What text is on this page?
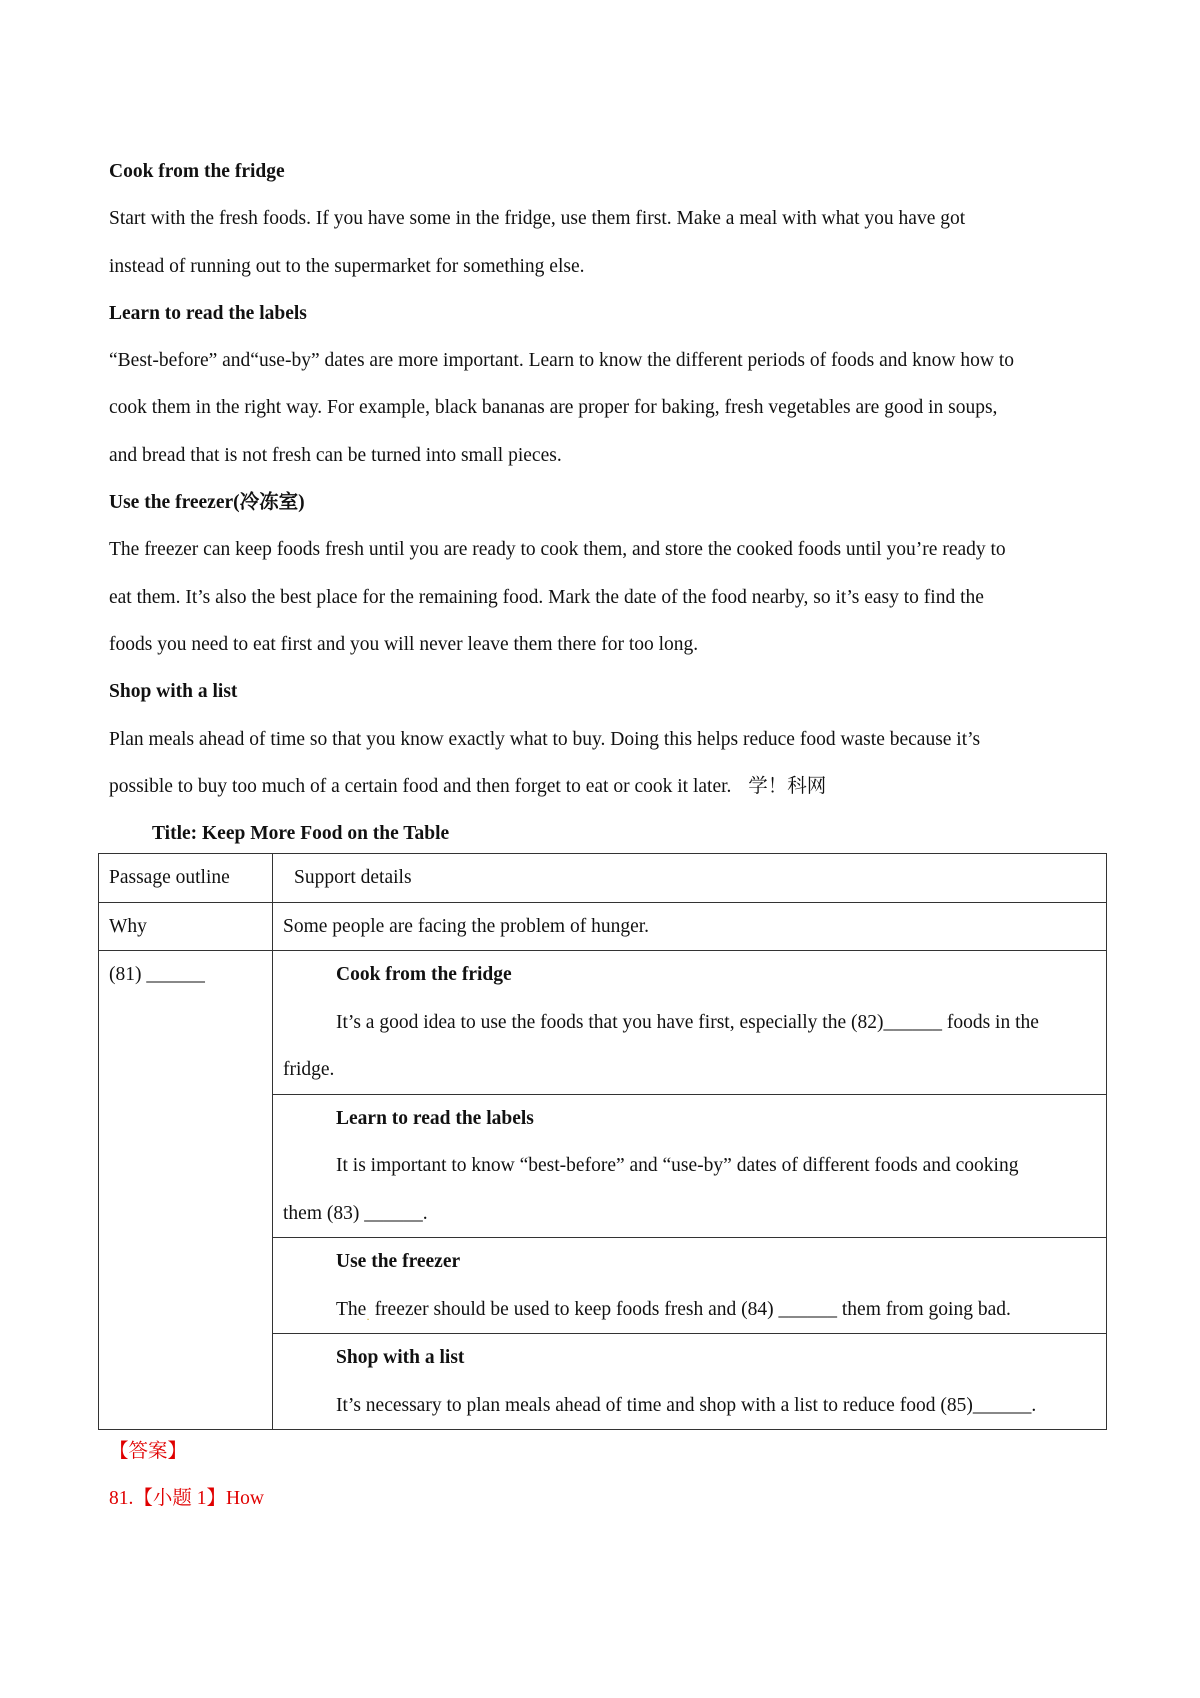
Cook from the fridge
Start with the fresh foods. If you have some in the fridge, use them first. Make a meal with what you have got
instead of running out to the supermarket for something else.
Learn to read the labels
“Best-before” and“use-by” dates are more important. Learn to know the different periods of foods and know how to
cook them in the right way. For example, black bananas are proper for baking, fresh vegetables are good in soups,
and bread that is not fresh can be turned into small pieces.
Use the freezer(冷冻室)
The freezer can keep foods fresh until you are ready to cook them, and store the cooked foods until you’re ready to
eat them. It’s also the best place for the remaining food. Mark the date of the food nearby, so it’s easy to find the
foods you need to eat first and you will never leave them there for too long.
Shop with a list
Plan meals ahead of time so that you know exactly what to buy. Doing this helps reduce food waste because it’s
possible to buy too much of a certain food and then forget to eat or cook it later. 学！科网
Title: Keep More Food on the Table
Passage outline	Support details

Why	Some people are facing the problem of hunger.

(81) ______	Cook from the fridge
It’s a good idea to use the foods that you have first, especially the (82)______ foods in the
fridge.

	Learn to read the labels
It is important to know “best-before” and “use-by” dates of different foods and cooking
them (83) ______.

	Use the freezer
The$_․$ freezer should be used to keep foods fresh and (84) ______ them from going bad.

	Shop with a list
It’s necessary to plan meals ahead of time and shop with a list to reduce food (85)______.
【答案】
81.【小题 1】How
